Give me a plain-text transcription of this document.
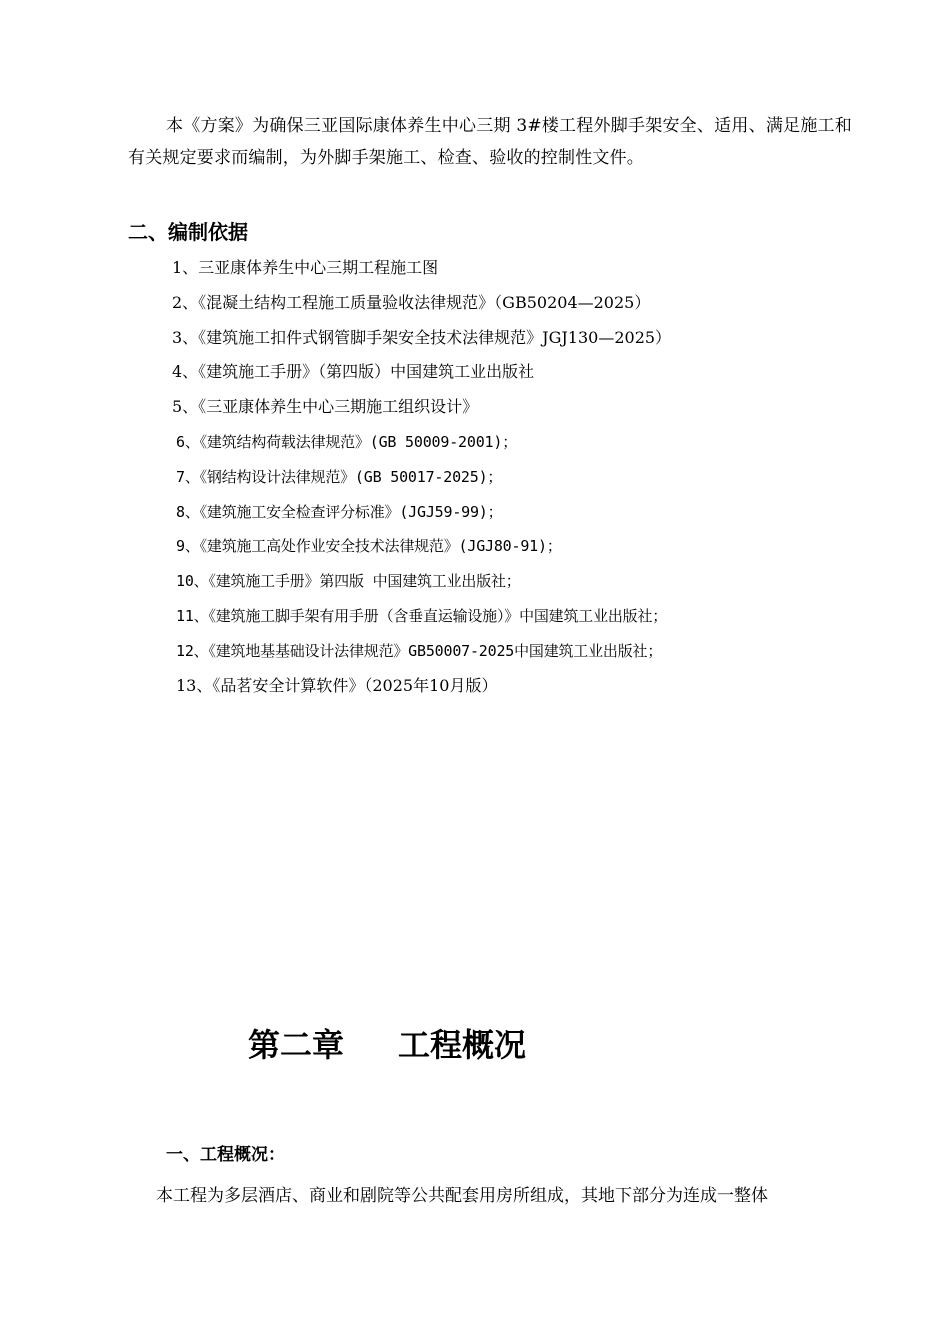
本《方案》为确保三亚国际康体养生中心三期 3#楼工程外脚手架安全、适用、满足施工和有关规定要求而编制，为外脚手架施工、检查、验收的控制性文件。

二、编制依据
1、三亚康体养生中心三期工程施工图
2、《混凝土结构工程施工质量验收法律规范》（GB50204—2025）
3、《建筑施工扣件式钢管脚手架安全技术法律规范》JGJ130—2025）
4、《建筑施工手册》（第四版）中国建筑工业出版社
5、《三亚康体养生中心三期施工组织设计》
6、《建筑结构荷载法律规范》(GB 50009-2001)；
7、《钢结构设计法律规范》(GB 50017-2025)；
8、《建筑施工安全检查评分标准》(JGJ59-99)；
9、《建筑施工高处作业安全技术法律规范》(JGJ80-91)；
10、《建筑施工手册》第四版 中国建筑工业出版社；
11、《建筑施工脚手架有用手册（含垂直运输设施）》中国建筑工业出版社；
12、《建筑地基基础设计法律规范》GB50007-2025中国建筑工业出版社；
13、《品茗安全计算软件》（2025年10月版）
第二章 工程概况
一、工程概况：

本工程为多层酒店、商业和剧院等公共配套用房所组成，其地下部分为连成一整体
